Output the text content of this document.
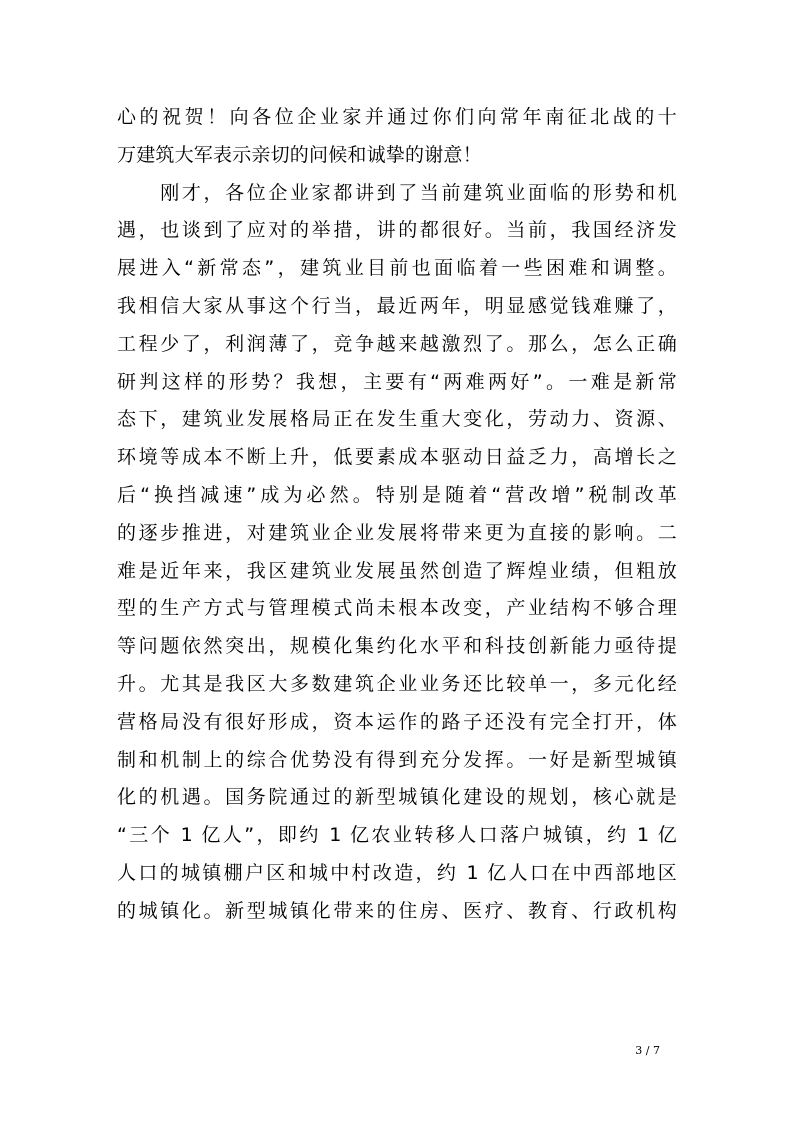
心的祝贺！向各位企业家并通过你们向常年南征北战的十
万建筑大军表示亲切的问候和诚挚的谢意！
　　刚才，各位企业家都讲到了当前建筑业面临的形势和机
遇，也谈到了应对的举措，讲的都很好。当前，我国经济发
展进入“新常态”，建筑业目前也面临着一些困难和调整。
我相信大家从事这个行当，最近两年，明显感觉钱难赚了，
工程少了，利润薄了，竞争越来越激烈了。那么，怎么正确
研判这样的形势？我想，主要有“两难两好”。一难是新常
态下，建筑业发展格局正在发生重大变化，劳动力、资源、
环境等成本不断上升，低要素成本驱动日益乏力，高增长之
后“换挡减速”成为必然。特别是随着“营改增”税制改革
的逐步推进，对建筑业企业发展将带来更为直接的影响。二
难是近年来，我区建筑业发展虽然创造了辉煌业绩，但粗放
型的生产方式与管理模式尚未根本改变，产业结构不够合理
等问题依然突出，规模化集约化水平和科技创新能力亟待提
升。尤其是我区大多数建筑企业业务还比较单一，多元化经
营格局没有很好形成，资本运作的路子还没有完全打开，体
制和机制上的综合优势没有得到充分发挥。一好是新型城镇
化的机遇。国务院通过的新型城镇化建设的规划，核心就是
“三个 1 亿人”，即约 1 亿农业转移人口落户城镇，约 1 亿
人口的城镇棚户区和城中村改造，约 1 亿人口在中西部地区
的城镇化。新型城镇化带来的住房、医疗、教育、行政机构
3 / 7
